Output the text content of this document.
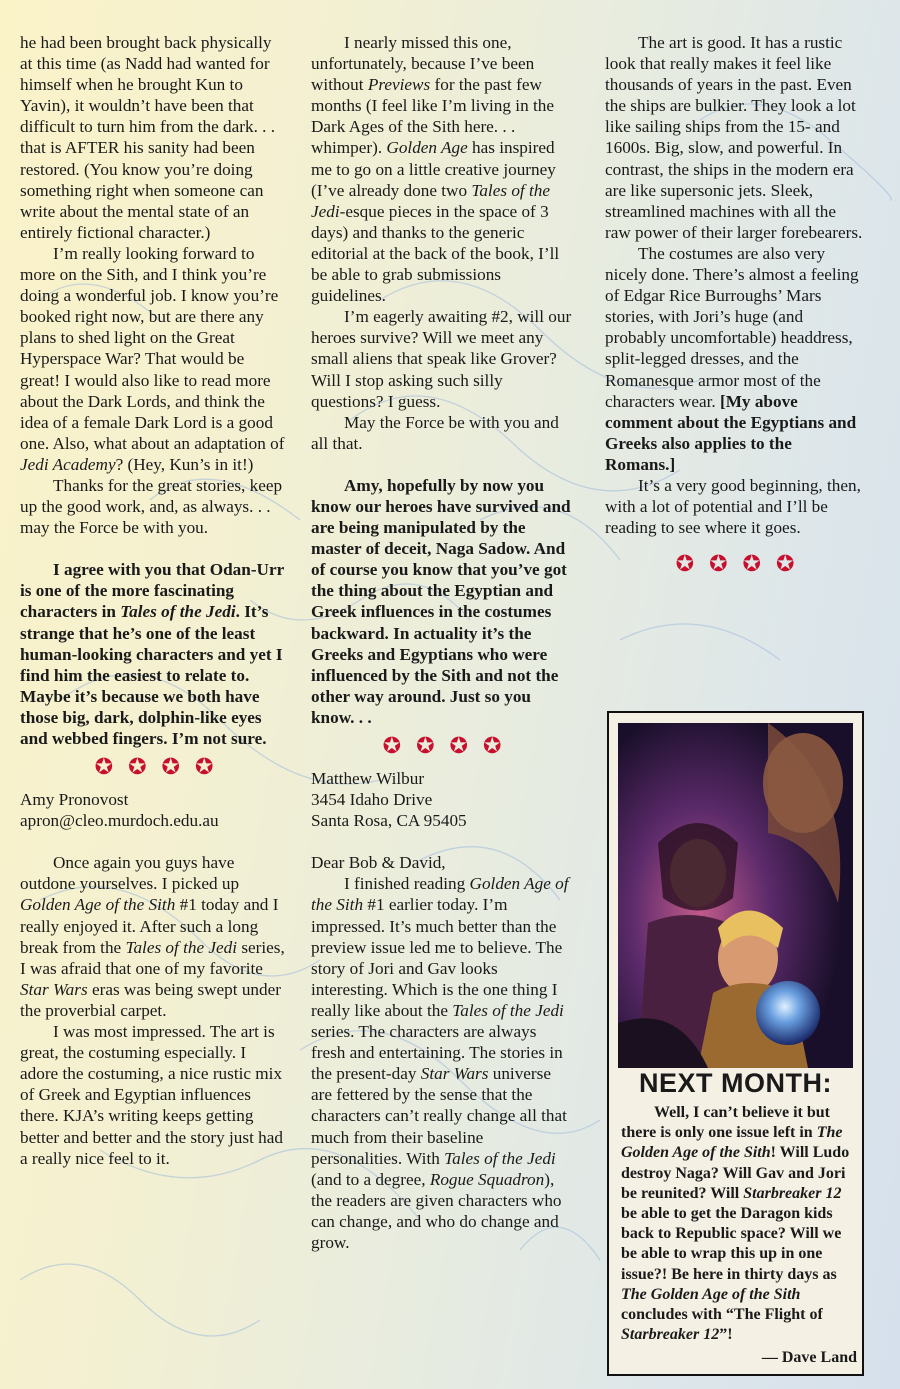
he had been brought back physically at this time (as Nadd had wanted for himself when he brought Kun to Yavin), it wouldn’t have been that difficult to turn him from the dark. . . that is AFTER his sanity had been restored. (You know you’re doing something right when someone can write about the mental state of an entirely fictional character.)

I’m really looking forward to more on the Sith, and I think you’re doing a wonderful job. I know you’re booked right now, but are there any plans to shed light on the Great Hyperspace War? That would be great! I would also like to read more about the Dark Lords, and think the idea of a female Dark Lord is a good one. Also, what about an adaptation of Jedi Academy? (Hey, Kun’s in it!)

Thanks for the great stories, keep up the good work, and, as always. . . may the Force be with you.

I agree with you that Odan-Urr is one of the more fascinating characters in Tales of the Jedi. It’s strange that he’s one of the least human-looking characters and yet I find him the easiest to relate to. Maybe it’s because we both have those big, dark, dolphin-like eyes and webbed fingers. I’m not sure.

✪ ✪ ✪ ✪

Amy Pronovost

apron@cleo.murdoch.edu.au

Once again you guys have outdone yourselves. I picked up Golden Age of the Sith #1 today and I really enjoyed it. After such a long break from the Tales of the Jedi series, I was afraid that one of my favorite Star Wars eras was being swept under the proverbial carpet.

I was most impressed. The art is great, the costuming especially. I adore the costuming, a nice rustic mix of Greek and Egyptian influences there. KJA’s writing keeps getting better and better and the story just had a really nice feel to it.

I nearly missed this one, unfortunately, because I’ve been without Previews for the past few months (I feel like I’m living in the Dark Ages of the Sith here. . . whimper). Golden Age has inspired me to go on a little creative journey (I’ve already done two Tales of the Jedi-esque pieces in the space of 3 days) and thanks to the generic editorial at the back of the book, I’ll be able to grab submissions guidelines.

I’m eagerly awaiting #2, will our heroes survive? Will we meet any small aliens that speak like Grover? Will I stop asking such silly questions? I guess.

May the Force be with you and all that.

Amy, hopefully by now you know our heroes have survived and are being manipulated by the master of deceit, Naga Sadow. And of course you know that you’ve got the thing about the Egyptian and Greek influences in the costumes backward. In actuality it’s the Greeks and Egyptians who were influenced by the Sith and not the other way around. Just so you know. . .

✪ ✪ ✪ ✪

Matthew Wilbur

3454 Idaho Drive

Santa Rosa, CA 95405

Dear Bob & David,

I finished reading Golden Age of the Sith #1 earlier today. I’m impressed. It’s much better than the preview issue led me to believe. The story of Jori and Gav looks interesting. Which is the one thing I really like about the Tales of the Jedi series. The characters are always fresh and entertaining. The stories in the present-day Star Wars universe are fettered by the sense that the characters can’t really change all that much from their baseline personalities. With Tales of the Jedi (and to a degree, Rogue Squadron), the readers are given characters who can change, and who do change and grow.

The art is good. It has a rustic look that really makes it feel like thousands of years in the past. Even the ships are bulkier. They look a lot like sailing ships from the 15- and 1600s. Big, slow, and powerful. In contrast, the ships in the modern era are like supersonic jets. Sleek, streamlined machines with all the raw power of their larger forebearers.

The costumes are also very nicely done. There’s almost a feeling of Edgar Rice Burroughs’ Mars stories, with Jori’s huge (and probably uncomfortable) headdress, split-legged dresses, and the Romanesque armor most of the characters wear. [My above comment about the Egyptians and Greeks also applies to the Romans.]

It’s a very good beginning, then, with a lot of potential and I’ll be reading to see where it goes.

✪ ✪ ✪ ✪
NEXT MONTH:

Well, I can’t believe it but there is only one issue left in The Golden Age of the Sith! Will Ludo destroy Naga? Will Gav and Jori be reunited? Will Starbreaker 12 be able to get the Daragon kids back to Republic space? Will we be able to wrap this up in one issue?! Be here in thirty days as The Golden Age of the Sith concludes with “The Flight of Starbreaker 12”!

— Dave Land
